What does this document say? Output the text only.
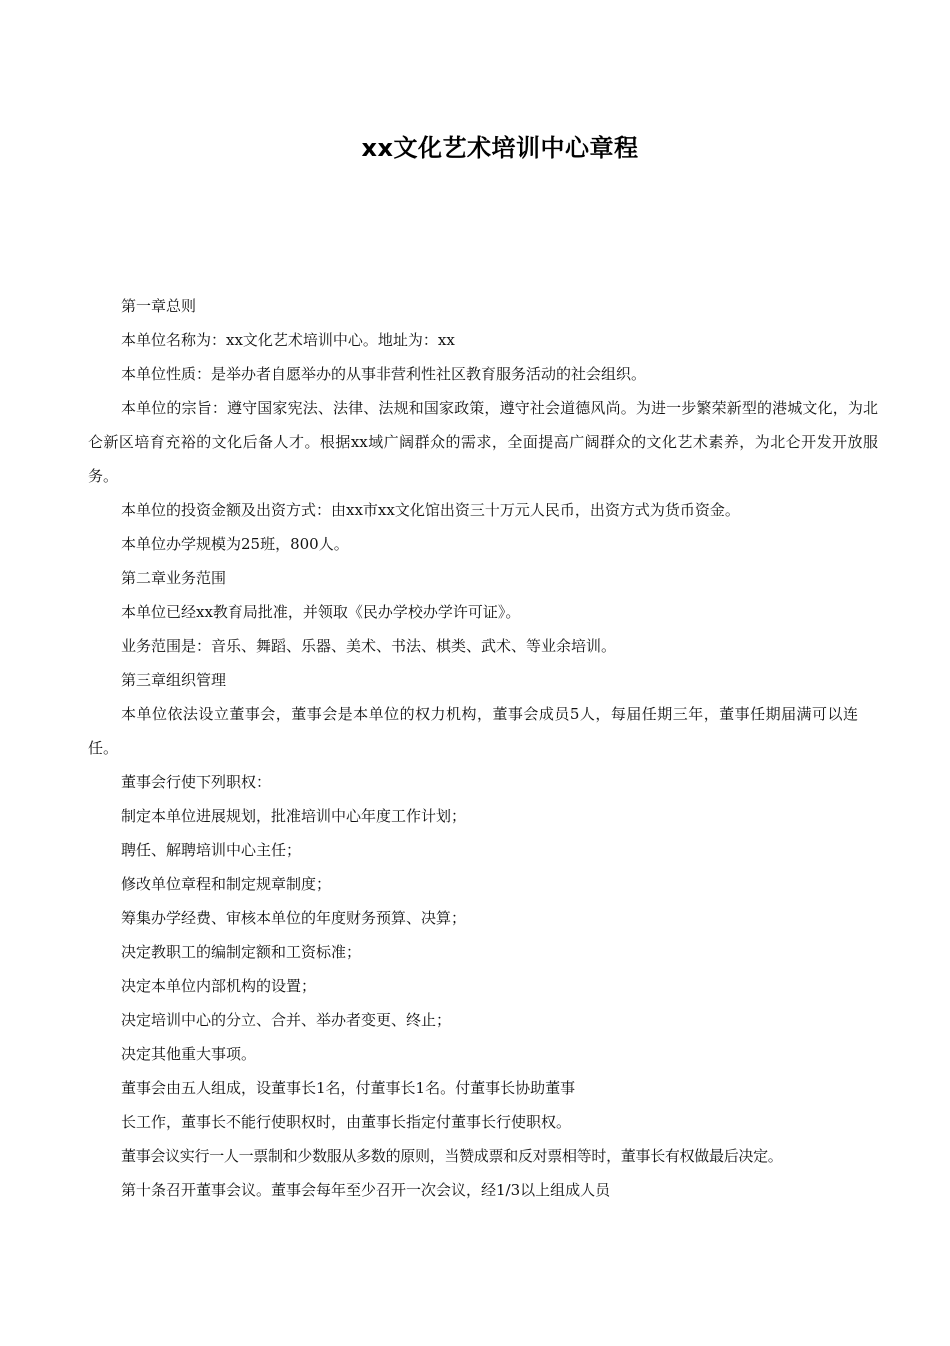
xx文化艺术培训中心章程

第一章总则

本单位名称为：xx文化艺术培训中心。地址为：xx

本单位性质：是举办者自愿举办的从事非营利性社区教育服务活动的社会组织。

本单位的宗旨：遵守国家宪法、法律、法规和国家政策，遵守社会道德风尚。为进一步繁荣新型的港城文化，为北仑新区培育充裕的文化后备人才。根据xx域广阔群众的需求，全面提高广阔群众的文化艺术素养，为北仑开发开放服务。

本单位的投资金额及出资方式：由xx市xx文化馆出资三十万元人民币，出资方式为货币资金。

本单位办学规模为25班，800人。

第二章业务范围

本单位已经xx教育局批准，并领取《民办学校办学许可证》。

业务范围是：音乐、舞蹈、乐器、美术、书法、棋类、武术、等业余培训。

第三章组织管理

本单位依法设立董事会，董事会是本单位的权力机构，董事会成员5人，每届任期三年，董事任期届满可以连任。

董事会行使下列职权：

制定本单位进展规划，批准培训中心年度工作计划；

聘任、解聘培训中心主任；

修改单位章程和制定规章制度；

筹集办学经费、审核本单位的年度财务预算、决算；

决定教职工的编制定额和工资标准；

决定本单位内部机构的设置；

决定培训中心的分立、合并、举办者变更、终止；

决定其他重大事项。

董事会由五人组成，设董事长1名，付董事长1名。付董事长协助董事

长工作，董事长不能行使职权时，由董事长指定付董事长行使职权。

董事会议实行一人一票制和少数服从多数的原则，当赞成票和反对票相等时，董事长有权做最后决定。

第十条召开董事会议。董事会每年至少召开一次会议，经1/3以上组成人员
